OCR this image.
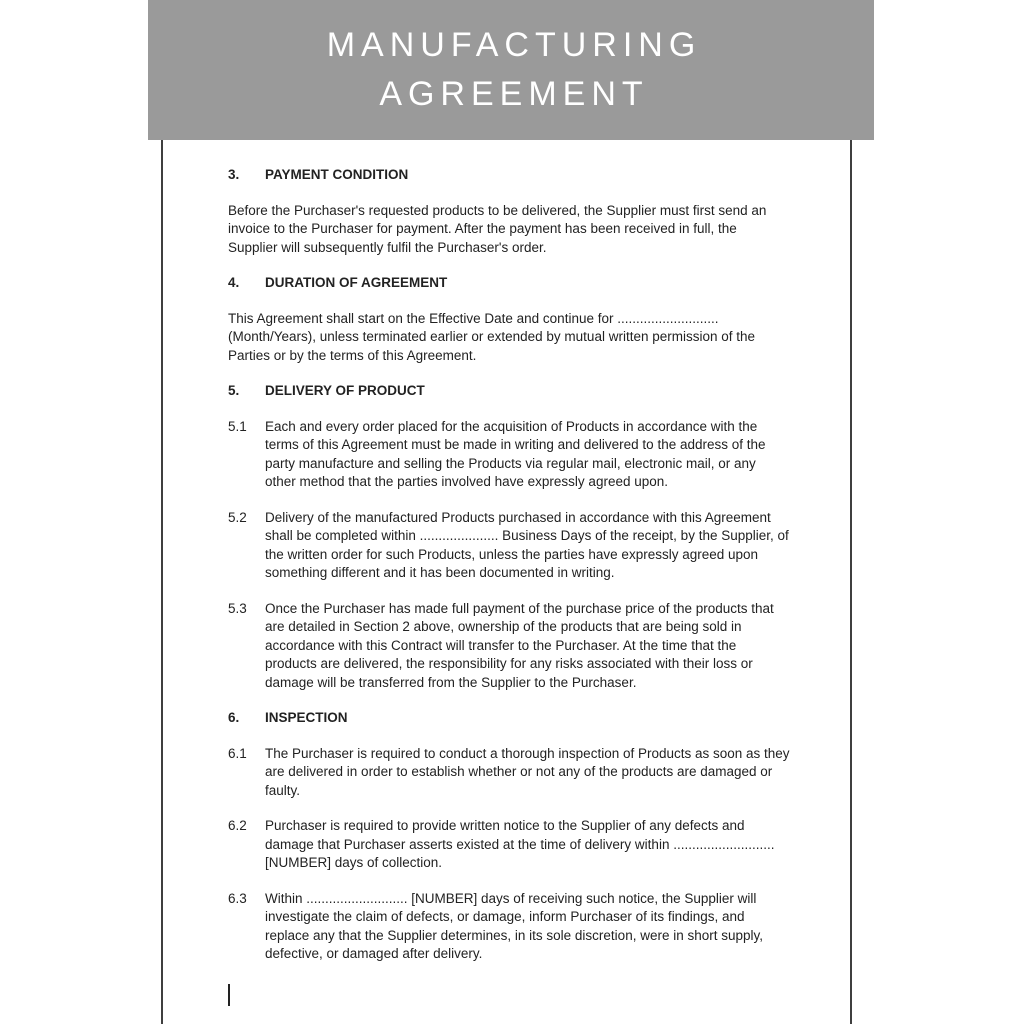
MANUFACTURING
AGREEMENT
3.	PAYMENT CONDITION

Before the Purchaser's requested products to be delivered, the Supplier must first send an invoice to the Purchaser for payment. After the payment has been received in full, the Supplier will subsequently fulfil the Purchaser's order.

4.	DURATION OF AGREEMENT

This Agreement shall start on the Effective Date and continue for ........................... (Month/Years), unless terminated earlier or extended by mutual written permission of the Parties or by the terms of this Agreement.

5.	DELIVERY OF PRODUCT
5.1	Each and every order placed for the acquisition of Products in accordance with the terms of this Agreement must be made in writing and delivered to the address of the party manufacture and selling the Products via regular mail, electronic mail, or any other method that the parties involved have expressly agreed upon.
5.2	Delivery of the manufactured Products purchased in accordance with this Agreement shall be completed within ..................... Business Days of the receipt, by the Supplier, of the written order for such Products, unless the parties have expressly agreed upon something different and it has been documented in writing.
5.3	Once the Purchaser has made full payment of the purchase price of the products that are detailed in Section 2 above, ownership of the products that are being sold in accordance with this Contract will transfer to the Purchaser. At the time that the products are delivered, the responsibility for any risks associated with their loss or damage will be transferred from the Supplier to the Purchaser.
6.	INSPECTION
6.1	The Purchaser is required to conduct a thorough inspection of Products as soon as they are delivered in order to establish whether or not any of the products are damaged or faulty.
6.2	Purchaser is required to provide written notice to the Supplier of any defects and damage that Purchaser asserts existed at the time of delivery within ........................... [NUMBER] days of collection.
6.3	Within ........................... [NUMBER] days of receiving such notice, the Supplier will investigate the claim of defects, or damage, inform Purchaser of its findings, and replace any that the Supplier determines, in its sole discretion, were in short supply, defective, or damaged after delivery.
